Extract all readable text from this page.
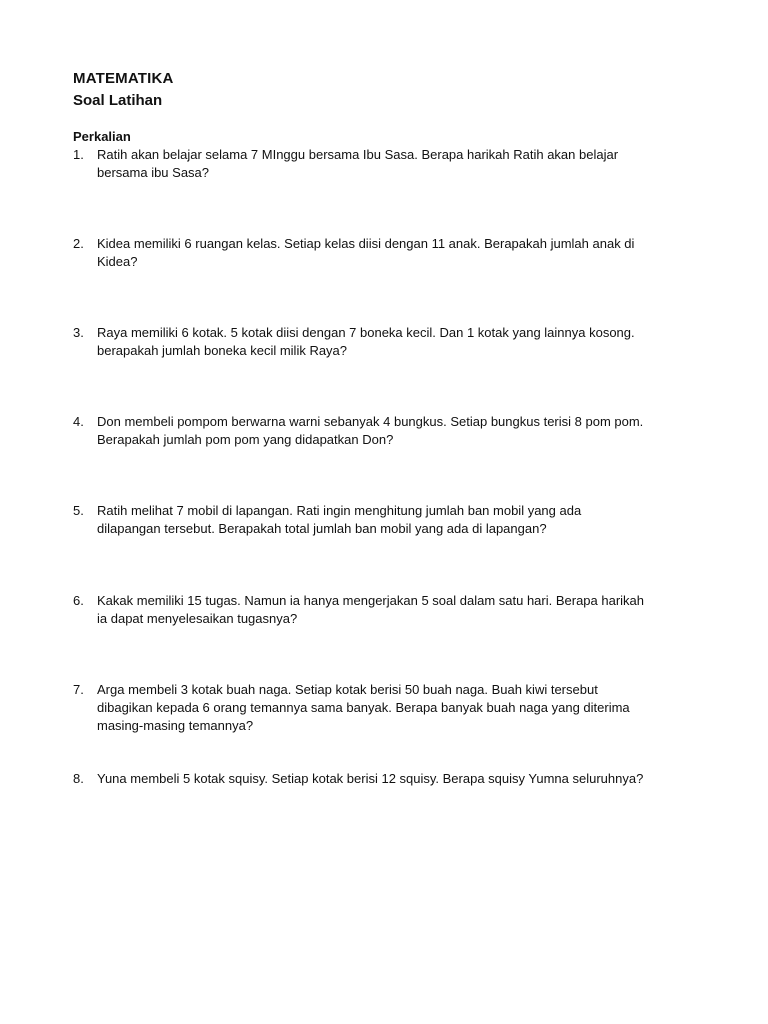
MATEMATIKA
Soal Latihan
Perkalian
1.	Ratih akan belajar selama 7 MInggu bersama Ibu Sasa. Berapa harikah Ratih akan belajar
bersama ibu Sasa?
2.	Kidea memiliki 6 ruangan kelas. Setiap kelas diisi dengan 11 anak. Berapakah jumlah anak di
Kidea?
3.	Raya memiliki 6 kotak. 5 kotak diisi dengan 7 boneka kecil. Dan 1 kotak yang lainnya kosong.
berapakah jumlah boneka kecil milik Raya?
4.	Don membeli pompom berwarna warni sebanyak 4 bungkus. Setiap bungkus terisi 8 pom pom.
Berapakah jumlah pom pom yang didapatkan Don?
5.	Ratih melihat 7 mobil di lapangan. Rati ingin menghitung jumlah ban mobil yang ada
dilapangan tersebut. Berapakah total jumlah ban mobil yang ada di lapangan?
6.	Kakak memiliki 15 tugas. Namun ia hanya mengerjakan 5 soal dalam satu hari. Berapa harikah
ia dapat menyelesaikan tugasnya?
7.	Arga membeli 3 kotak buah naga. Setiap kotak berisi 50 buah naga. Buah kiwi tersebut
dibagikan kepada 6 orang temannya sama banyak. Berapa banyak buah naga yang diterima
masing-masing temannya?
8.	Yuna membeli 5 kotak squisy. Setiap kotak berisi 12 squisy. Berapa squisy Yumna seluruhnya?
